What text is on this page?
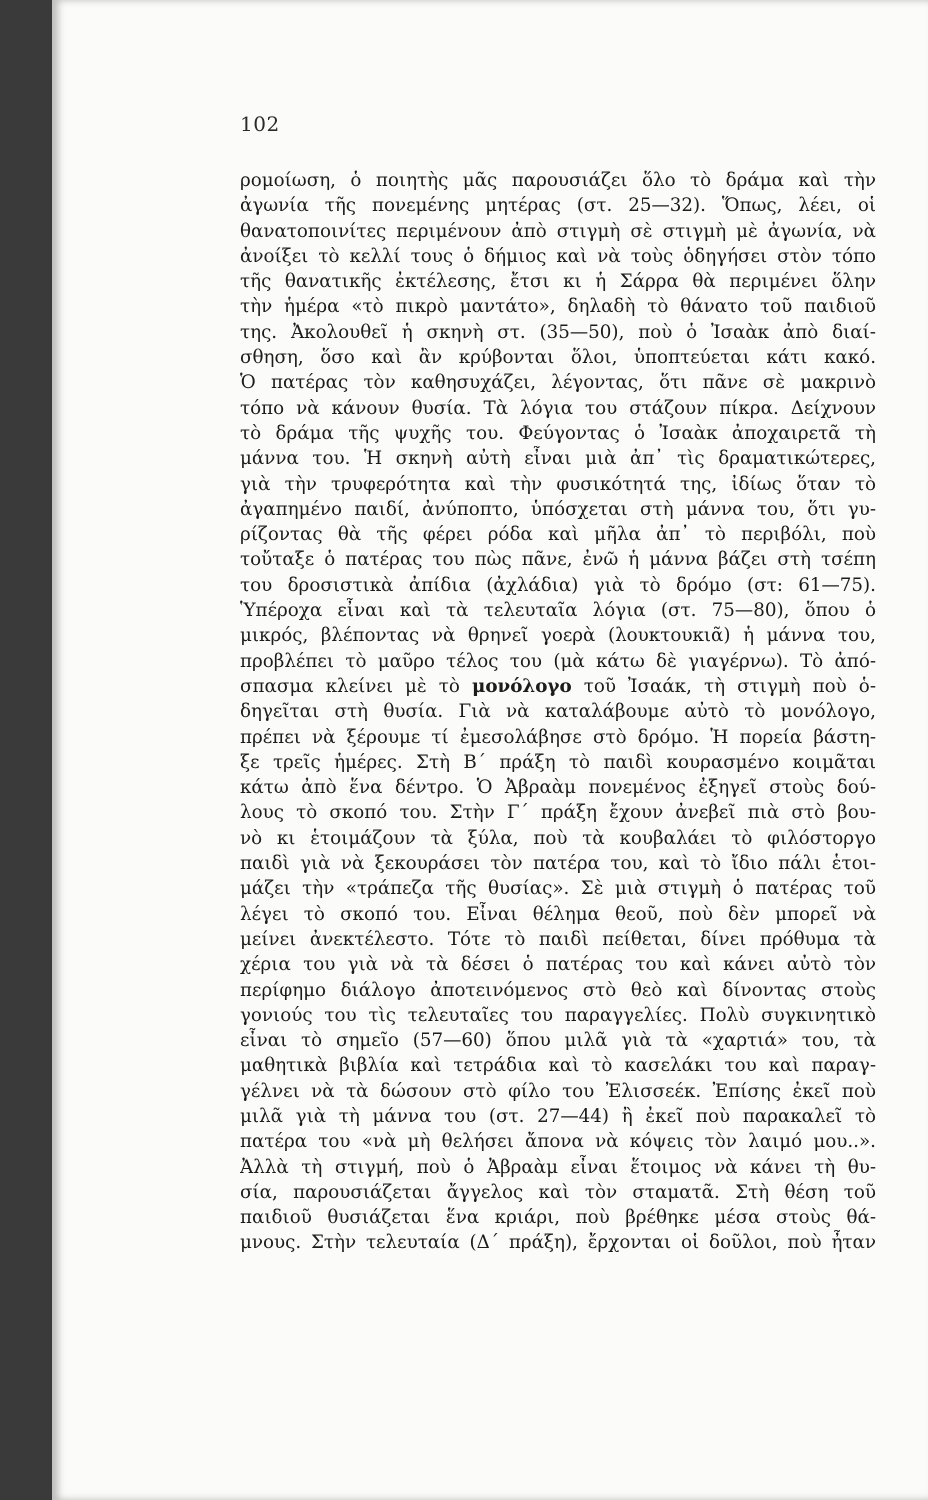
102
ρομοίωση, ὁ ποιητὴς μᾶς παρουσιάζει ὅλο τὸ δράμα καὶ τὴν
ἀγωνία τῆς πονεμένης μητέρας (στ. 25—32). Ὅπως, λέει, οἱ
θανατοποινίτες περιμένουν ἀπὸ στιγμὴ σὲ στιγμὴ μὲ ἀγωνία, νὰ
ἀνοίξει τὸ κελλί τους ὁ δήμιος καὶ νὰ τοὺς ὁδηγήσει στὸν τόπο
τῆς θανατικῆς ἐκτέλεσης, ἔτσι κι ἡ Σάρρα θὰ περιμένει ὅλην
τὴν ἡμέρα «τὸ πικρὸ μαντάτο», δηλαδὴ τὸ θάνατο τοῦ παιδιοῦ
της. Ἀκολουθεῖ ἡ σκηνὴ στ. (35—50), ποὺ ὁ Ἰσαὰκ ἀπὸ διαί-
σθηση, ὅσο καὶ ἂν κρύβονται ὅλοι, ὑποπτεύεται κάτι κακό.
Ὁ πατέρας τὸν καθησυχάζει, λέγοντας, ὅτι πᾶνε σὲ μακρινὸ
τόπο νὰ κάνουν θυσία. Τὰ λόγια του στάζουν πίκρα. Δείχνουν
τὸ δράμα τῆς ψυχῆς του. Φεύγοντας ὁ Ἰσαὰκ ἀποχαιρετᾶ τὴ
μάννα του. Ἡ σκηνὴ αὐτὴ εἶναι μιὰ ἀπ᾽ τὶς δραματικώτερες,
γιὰ τὴν τρυφερότητα καὶ τὴν φυσικότητά της, ἰδίως ὅταν τὸ
ἀγαπημένο παιδί, ἀνύποπτο, ὑπόσχεται στὴ μάννα του, ὅτι γυ-
ρίζοντας θὰ τῆς φέρει ρόδα καὶ μῆλα ἀπ᾽ τὸ περιβόλι, ποὺ
τοὔταξε ὁ πατέρας του πὼς πᾶνε, ἐνῶ ἡ μάννα βάζει στὴ τσέπη
του δροσιστικὰ ἀπίδια (ἀχλάδια) γιὰ τὸ δρόμο (στ: 61—75).
Ὑπέροχα εἶναι καὶ τὰ τελευταῖα λόγια (στ. 75—80), ὅπου ὁ
μικρός, βλέποντας νὰ θρηνεῖ γοερὰ (λουκτουκιᾶ) ἡ μάννα του,
προβλέπει τὸ μαῦρο τέλος του (μὰ κάτω δὲ γιαγέρνω). Τὸ ἀπό-
σπασμα κλείνει μὲ τὸ μονόλογο τοῦ Ἰσαάκ, τὴ στιγμὴ ποὺ ὁ-
δηγεῖται στὴ θυσία. Γιὰ νὰ καταλάβουμε αὐτὸ τὸ μονόλογο,
πρέπει νὰ ξέρουμε τί ἐμεσολάβησε στὸ δρόμο. Ἡ πορεία βάστη-
ξε τρεῖς ἡμέρες. Στὴ Β΄ πράξη τὸ παιδὶ κουρασμένο κοιμᾶται
κάτω ἀπὸ ἕνα δέντρο. Ὁ Ἀβραὰμ πονεμένος ἐξηγεῖ στοὺς δού-
λους τὸ σκοπό του. Στὴν Γ΄ πράξη ἔχουν ἀνεβεῖ πιὰ στὸ βου-
νὸ κι ἑτοιμάζουν τὰ ξύλα, ποὺ τὰ κουβαλάει τὸ φιλόστοργο
παιδὶ γιὰ νὰ ξεκουράσει τὸν πατέρα του, καὶ τὸ ἴδιο πάλι ἑτοι-
μάζει τὴν «τράπεζα τῆς θυσίας». Σὲ μιὰ στιγμὴ ὁ πατέρας τοῦ
λέγει τὸ σκοπό του. Εἶναι θέλημα θεοῦ, ποὺ δὲν μπορεῖ νὰ
μείνει ἀνεκτέλεστο. Τότε τὸ παιδὶ πείθεται, δίνει πρόθυμα τὰ
χέρια του γιὰ νὰ τὰ δέσει ὁ πατέρας του καὶ κάνει αὐτὸ τὸν
περίφημο διάλογο ἀποτεινόμενος στὸ θεὸ καὶ δίνοντας στοὺς
γονιούς του τὶς τελευταῖες του παραγγελίες. Πολὺ συγκινητικὸ
εἶναι τὸ σημεῖο (57—60) ὅπου μιλᾶ γιὰ τὰ «χαρτιά» του, τὰ
μαθητικὰ βιβλία καὶ τετράδια καὶ τὸ κασελάκι του καὶ παραγ-
γέλνει νὰ τὰ δώσουν στὸ φίλο του Ἐλισσεέκ. Ἐπίσης ἐκεῖ ποὺ
μιλᾶ γιὰ τὴ μάννα του (στ. 27—44) ἢ ἐκεῖ ποὺ παρακαλεῖ τὸ
πατέρα του «νὰ μὴ θελήσει ἄπονα νὰ κόψεις τὸν λαιμό μου..».
Ἀλλὰ τὴ στιγμή, ποὺ ὁ Ἀβραὰμ εἶναι ἕτοιμος νὰ κάνει τὴ θυ-
σία, παρουσιάζεται ἄγγελος καὶ τὸν σταματᾶ. Στὴ θέση τοῦ
παιδιοῦ θυσιάζεται ἕνα κριάρι, ποὺ βρέθηκε μέσα στοὺς θά-
μνους. Στὴν τελευταία (Δ΄ πράξη), ἔρχονται οἱ δοῦλοι, ποὺ ἦταν
